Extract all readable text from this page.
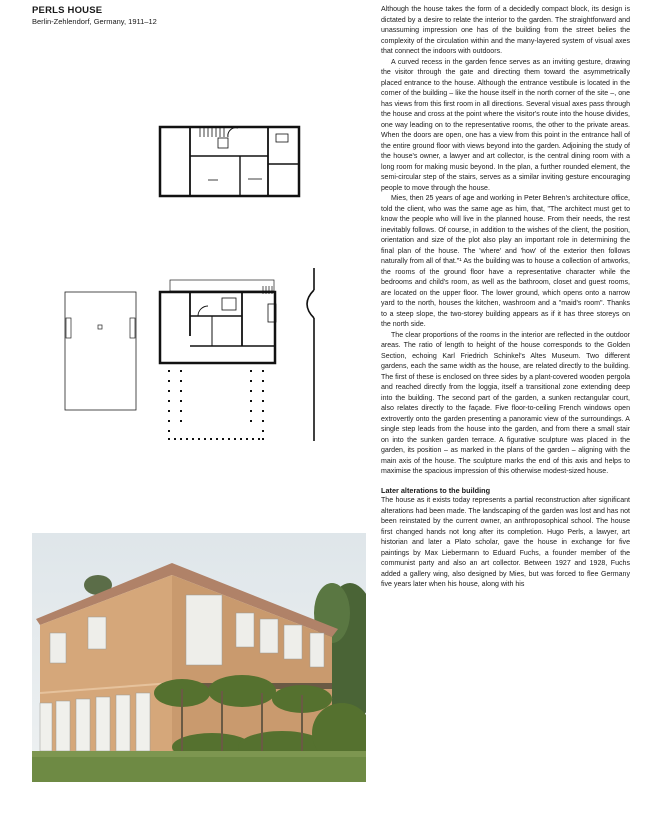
PERLS HOUSE
Berlin-Zehlendorf, Germany, 1911–12

Although the house takes the form of a decidedly compact block, its design is dictated by a desire to relate the interior to the garden. The straightforward and unassuming impression one has of the building from the street belies the complexity of the circulation within and the many-layered system of visual axes that connect the indoors with outdoors.

A curved recess in the garden fence serves as an inviting gesture, drawing the visitor through the gate and directing them toward the asymmetrically placed entrance to the house. Although the entrance vestibule is located in the corner of the building – like the house itself in the north corner of the site –, one has views from this first room in all directions. Several visual axes pass through the house and cross at the point where the visitor's route into the house divides, one way leading on to the representative rooms, the other to the private areas. When the doors are open, one has a view from this point in the entrance hall of the entire ground floor with views beyond into the garden. Adjoining the study of the house's owner, a lawyer and art collector, is the central dining room with a long room for making music beyond. In the plan, a further rounded element, the semi-circular step of the stairs, serves as a similar inviting gesture encouraging people to move through the house.

Mies, then 25 years of age and working in Peter Behren's architecture office, told the client, who was the same age as him, that, "The architect must get to know the people who will live in the planned house. From their needs, the rest inevitably follows. Of course, in addition to the wishes of the client, the position, orientation and size of the plot also play an important role in determining the final plan of the house. The 'where' and 'how' of the exterior then follows naturally from all of that."¹ As the building was to house a collection of artworks, the rooms of the ground floor have a representative character while the bedrooms and child's room, as well as the bathroom, closet and guest rooms, are located on the upper floor. The lower ground, which opens onto a narrow yard to the north, houses the kitchen, washroom and a "maid's room". Thanks to a steep slope, the two-storey building appears as if it has three storeys on the north side.

The clear proportions of the rooms in the interior are reflected in the outdoor areas. The ratio of length to height of the house corresponds to the Golden Section, echoing Karl Friedrich Schinkel's Altes Museum. Two different gardens, each the same width as the house, are related directly to the building. The first of these is enclosed on three sides by a plant-covered wooden pergola and reached directly from the loggia, itself a transitional zone extending deep into the building. The second part of the garden, a sunken rectangular court, also relates directly to the façade. Five floor-to-ceiling French windows open extrovertly onto the garden presenting a panoramic view of the surroundings. A single step leads from the house into the garden, and from there a small stair on into the sunken garden terrace. A figurative sculpture was placed in the garden, its position – as marked in the plans of the garden – aligning with the main axis of the house. The sculpture marks the end of this axis and helps to maximise the spacious impression of this otherwise modest-sized house.

Later alterations to the building

The house as it exists today represents a partial reconstruction after significant alterations had been made. The landscaping of the garden was lost and has not been reinstated by the current owner, an anthroposophical school. The house first changed hands not long after its completion. Hugo Perls, a lawyer, art historian and later a Plato scholar, gave the house in exchange for five paintings by Max Liebermann to Eduard Fuchs, a founder member of the communist party and also an art collector. Between 1927 and 1928, Fuchs added a gallery wing, also designed by Mies, but was forced to flee Germany five years later when his house, along with his
